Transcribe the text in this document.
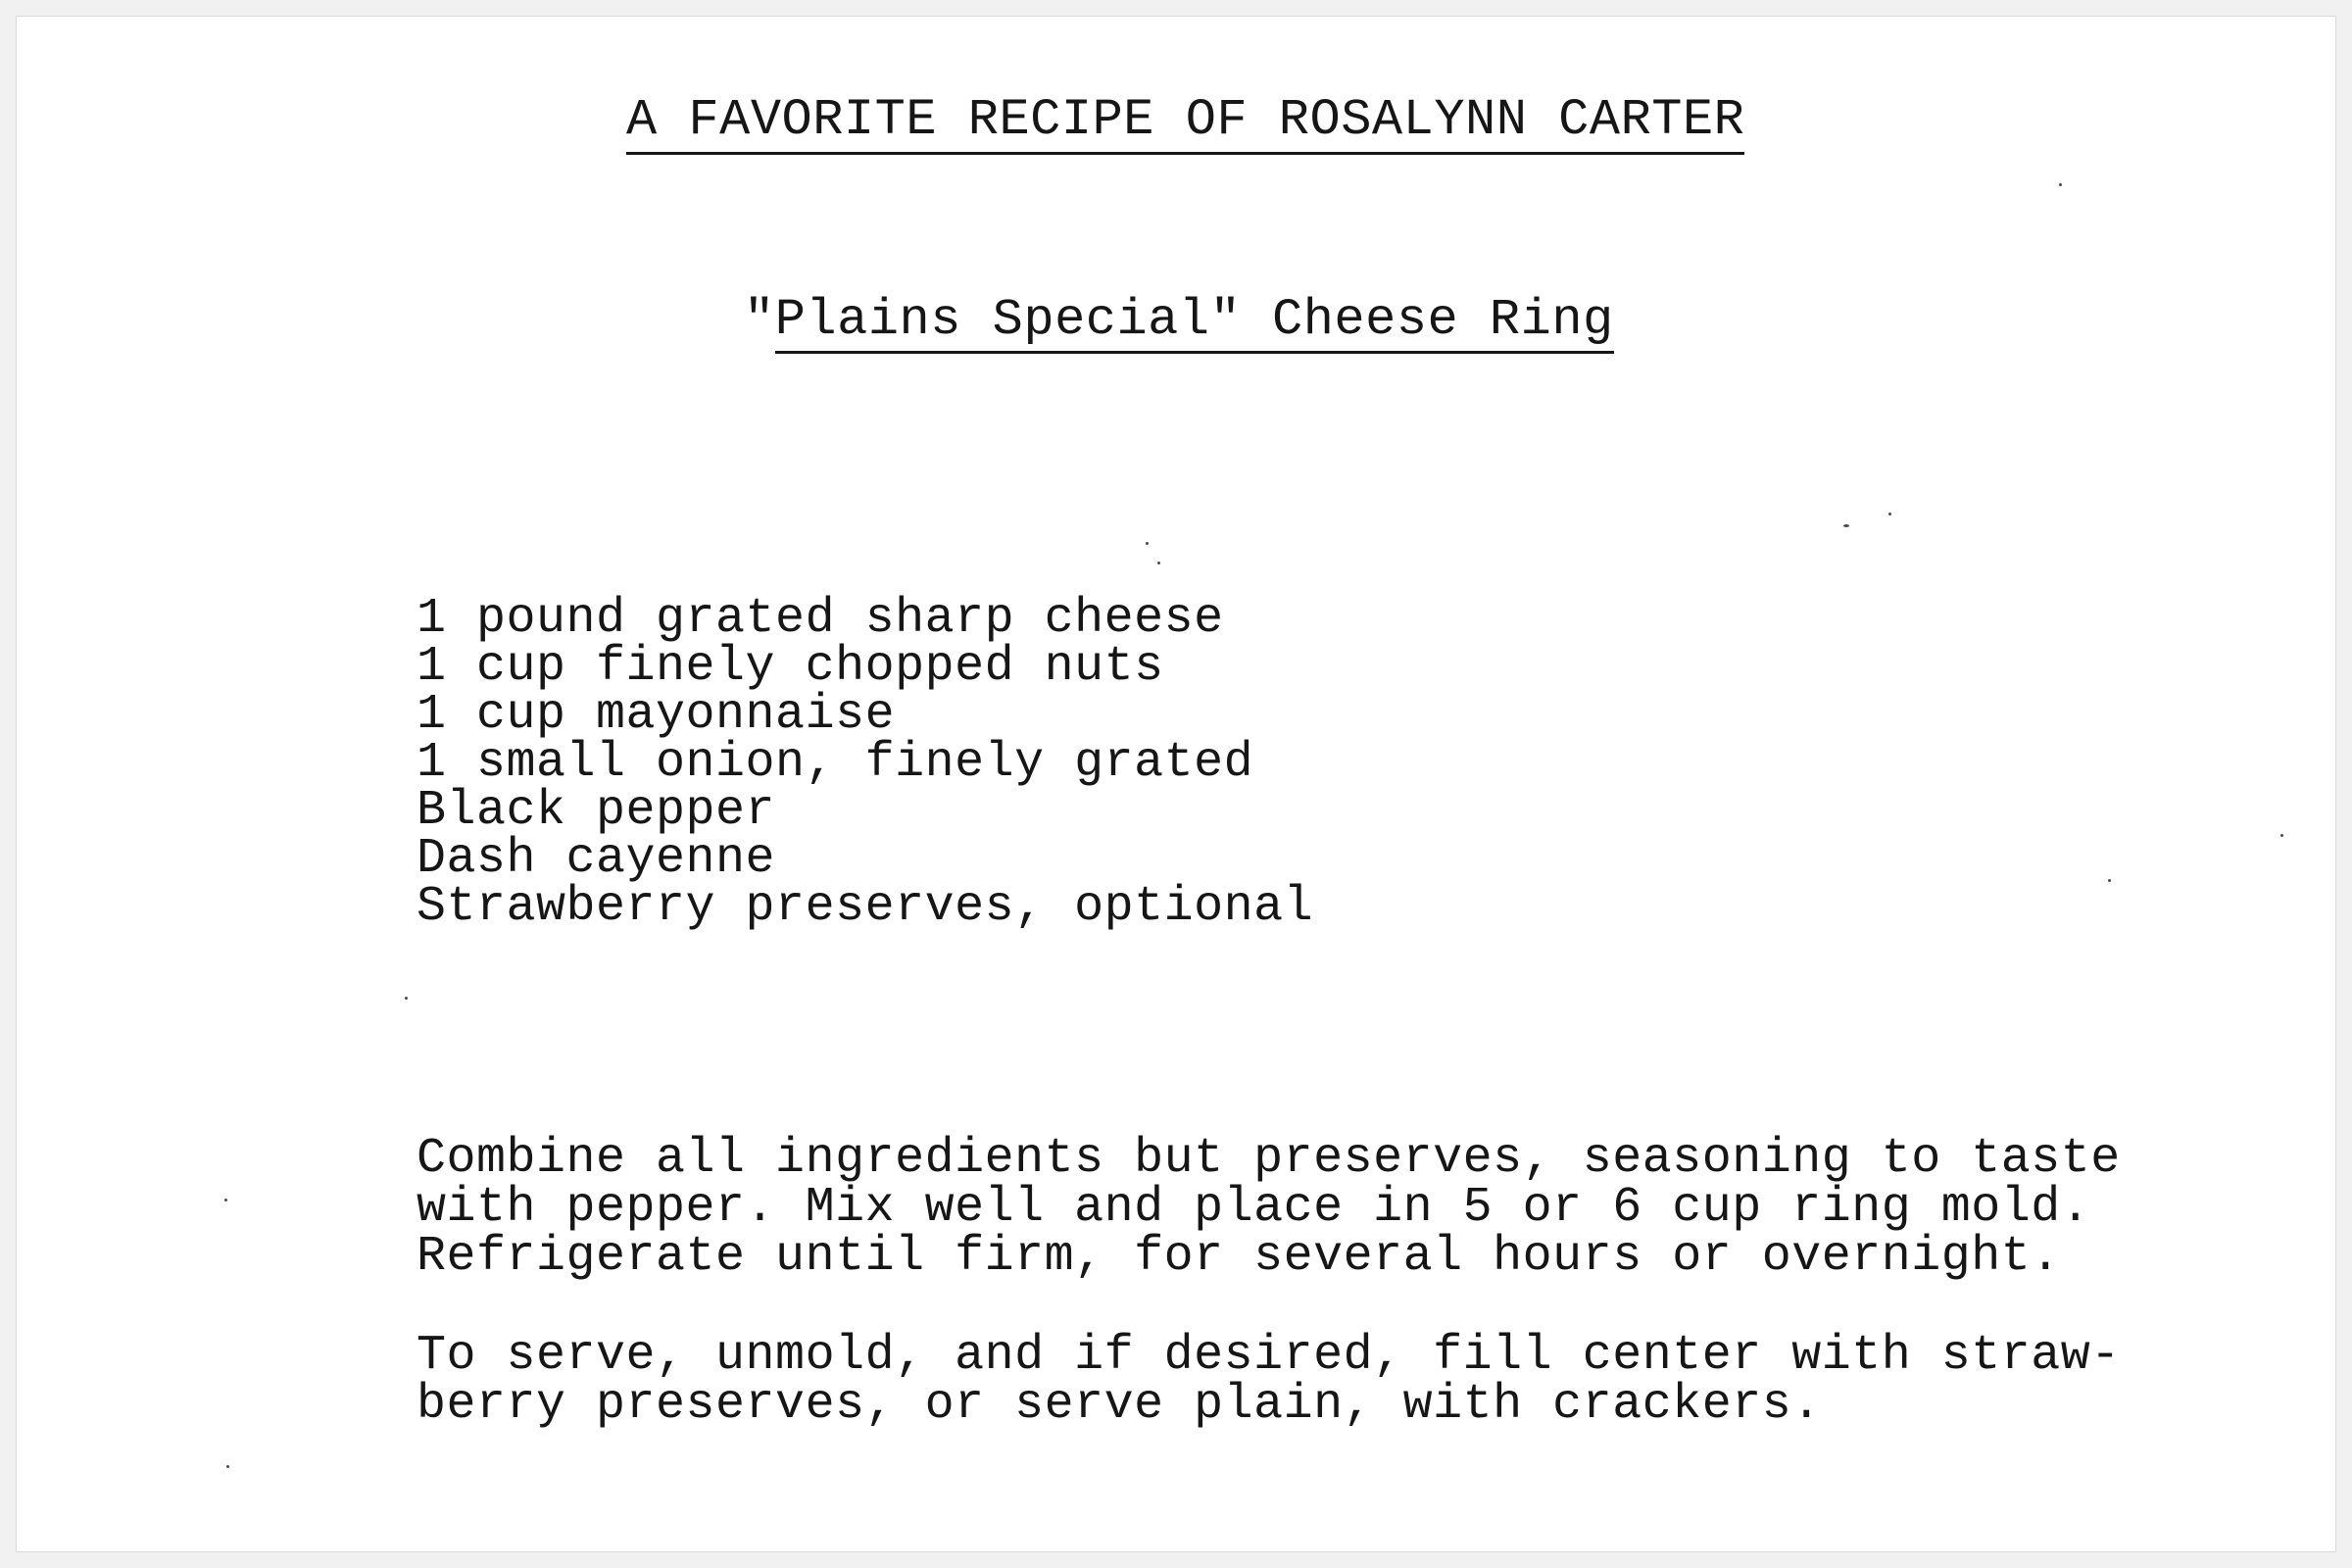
A FAVORITE RECIPE OF ROSALYNN CARTER
"Plains Special" Cheese Ring
1 pound grated sharp cheese
1 cup finely chopped nuts
1 cup mayonnaise
1 small onion, finely grated
Black pepper
Dash cayenne
Strawberry preserves, optional

Combine all ingredients but preserves, seasoning to taste
with pepper. Mix well and place in 5 or 6 cup ring mold.
Refrigerate until firm, for several hours or overnight.

To serve, unmold, and if desired, fill center with straw-
berry preserves, or serve plain, with crackers.
